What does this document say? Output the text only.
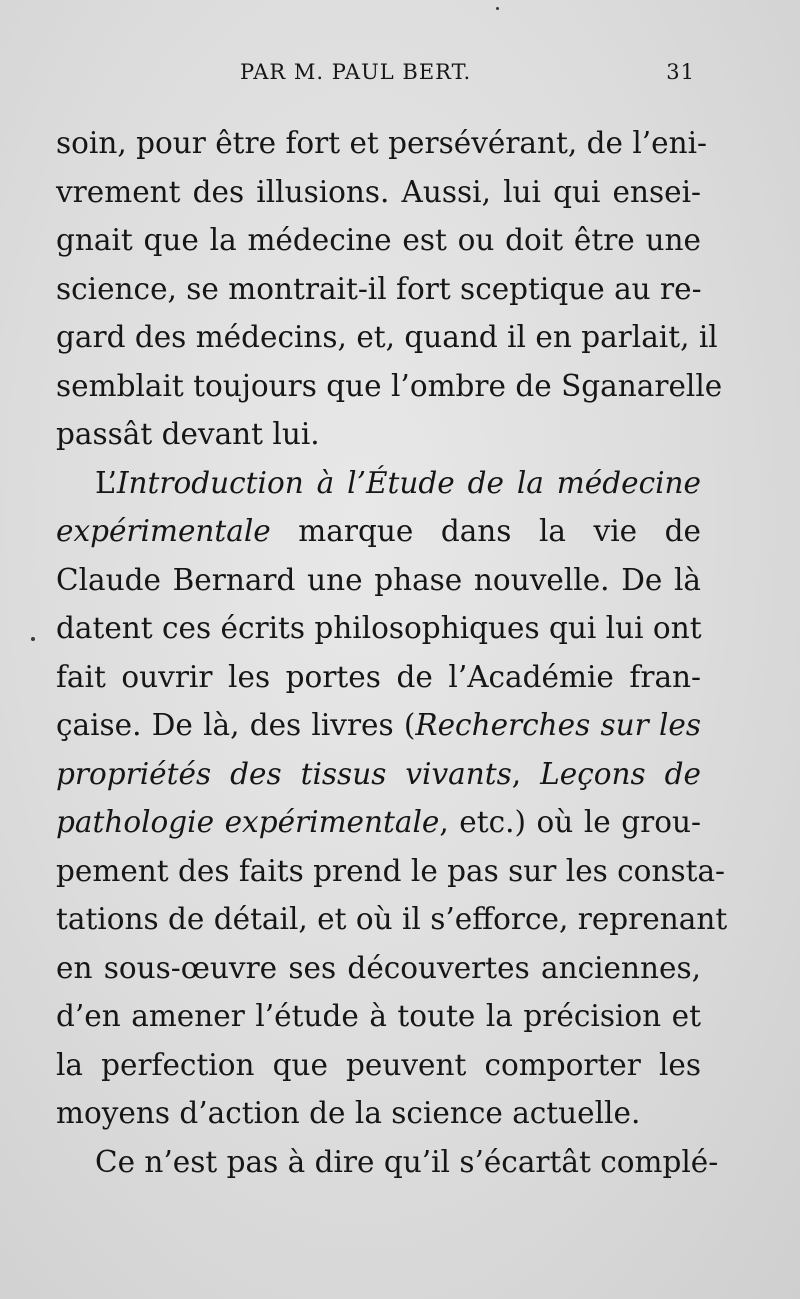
PAR M. PAUL BERT.	31
soin, pour être fort et persévérant, de l’eni-
vrement des illusions. Aussi, lui qui ensei-
gnait que la médecine est ou doit être une
science, se montrait-il fort sceptique au re-
gard des médecins, et, quand il en parlait, il
semblait toujours que l’ombre de Sganarelle
passât devant lui.
L’Introduction à l’Étude de la médecine
expérimentale marque dans la vie de
Claude Bernard une phase nouvelle. De là
datent ces écrits philosophiques qui lui ont
fait ouvrir les portes de l’Académie fran-
çaise. De là, des livres (Recherches sur les
propriétés des tissus vivants, Leçons de
pathologie expérimentale, etc.) où le grou-
pement des faits prend le pas sur les consta-
tations de détail, et où il s’efforce, reprenant
en sous-œuvre ses découvertes anciennes,
d’en amener l’étude à toute la précision et
la perfection que peuvent comporter les
moyens d’action de la science actuelle.
Ce n’est pas à dire qu’il s’écartât complé-
